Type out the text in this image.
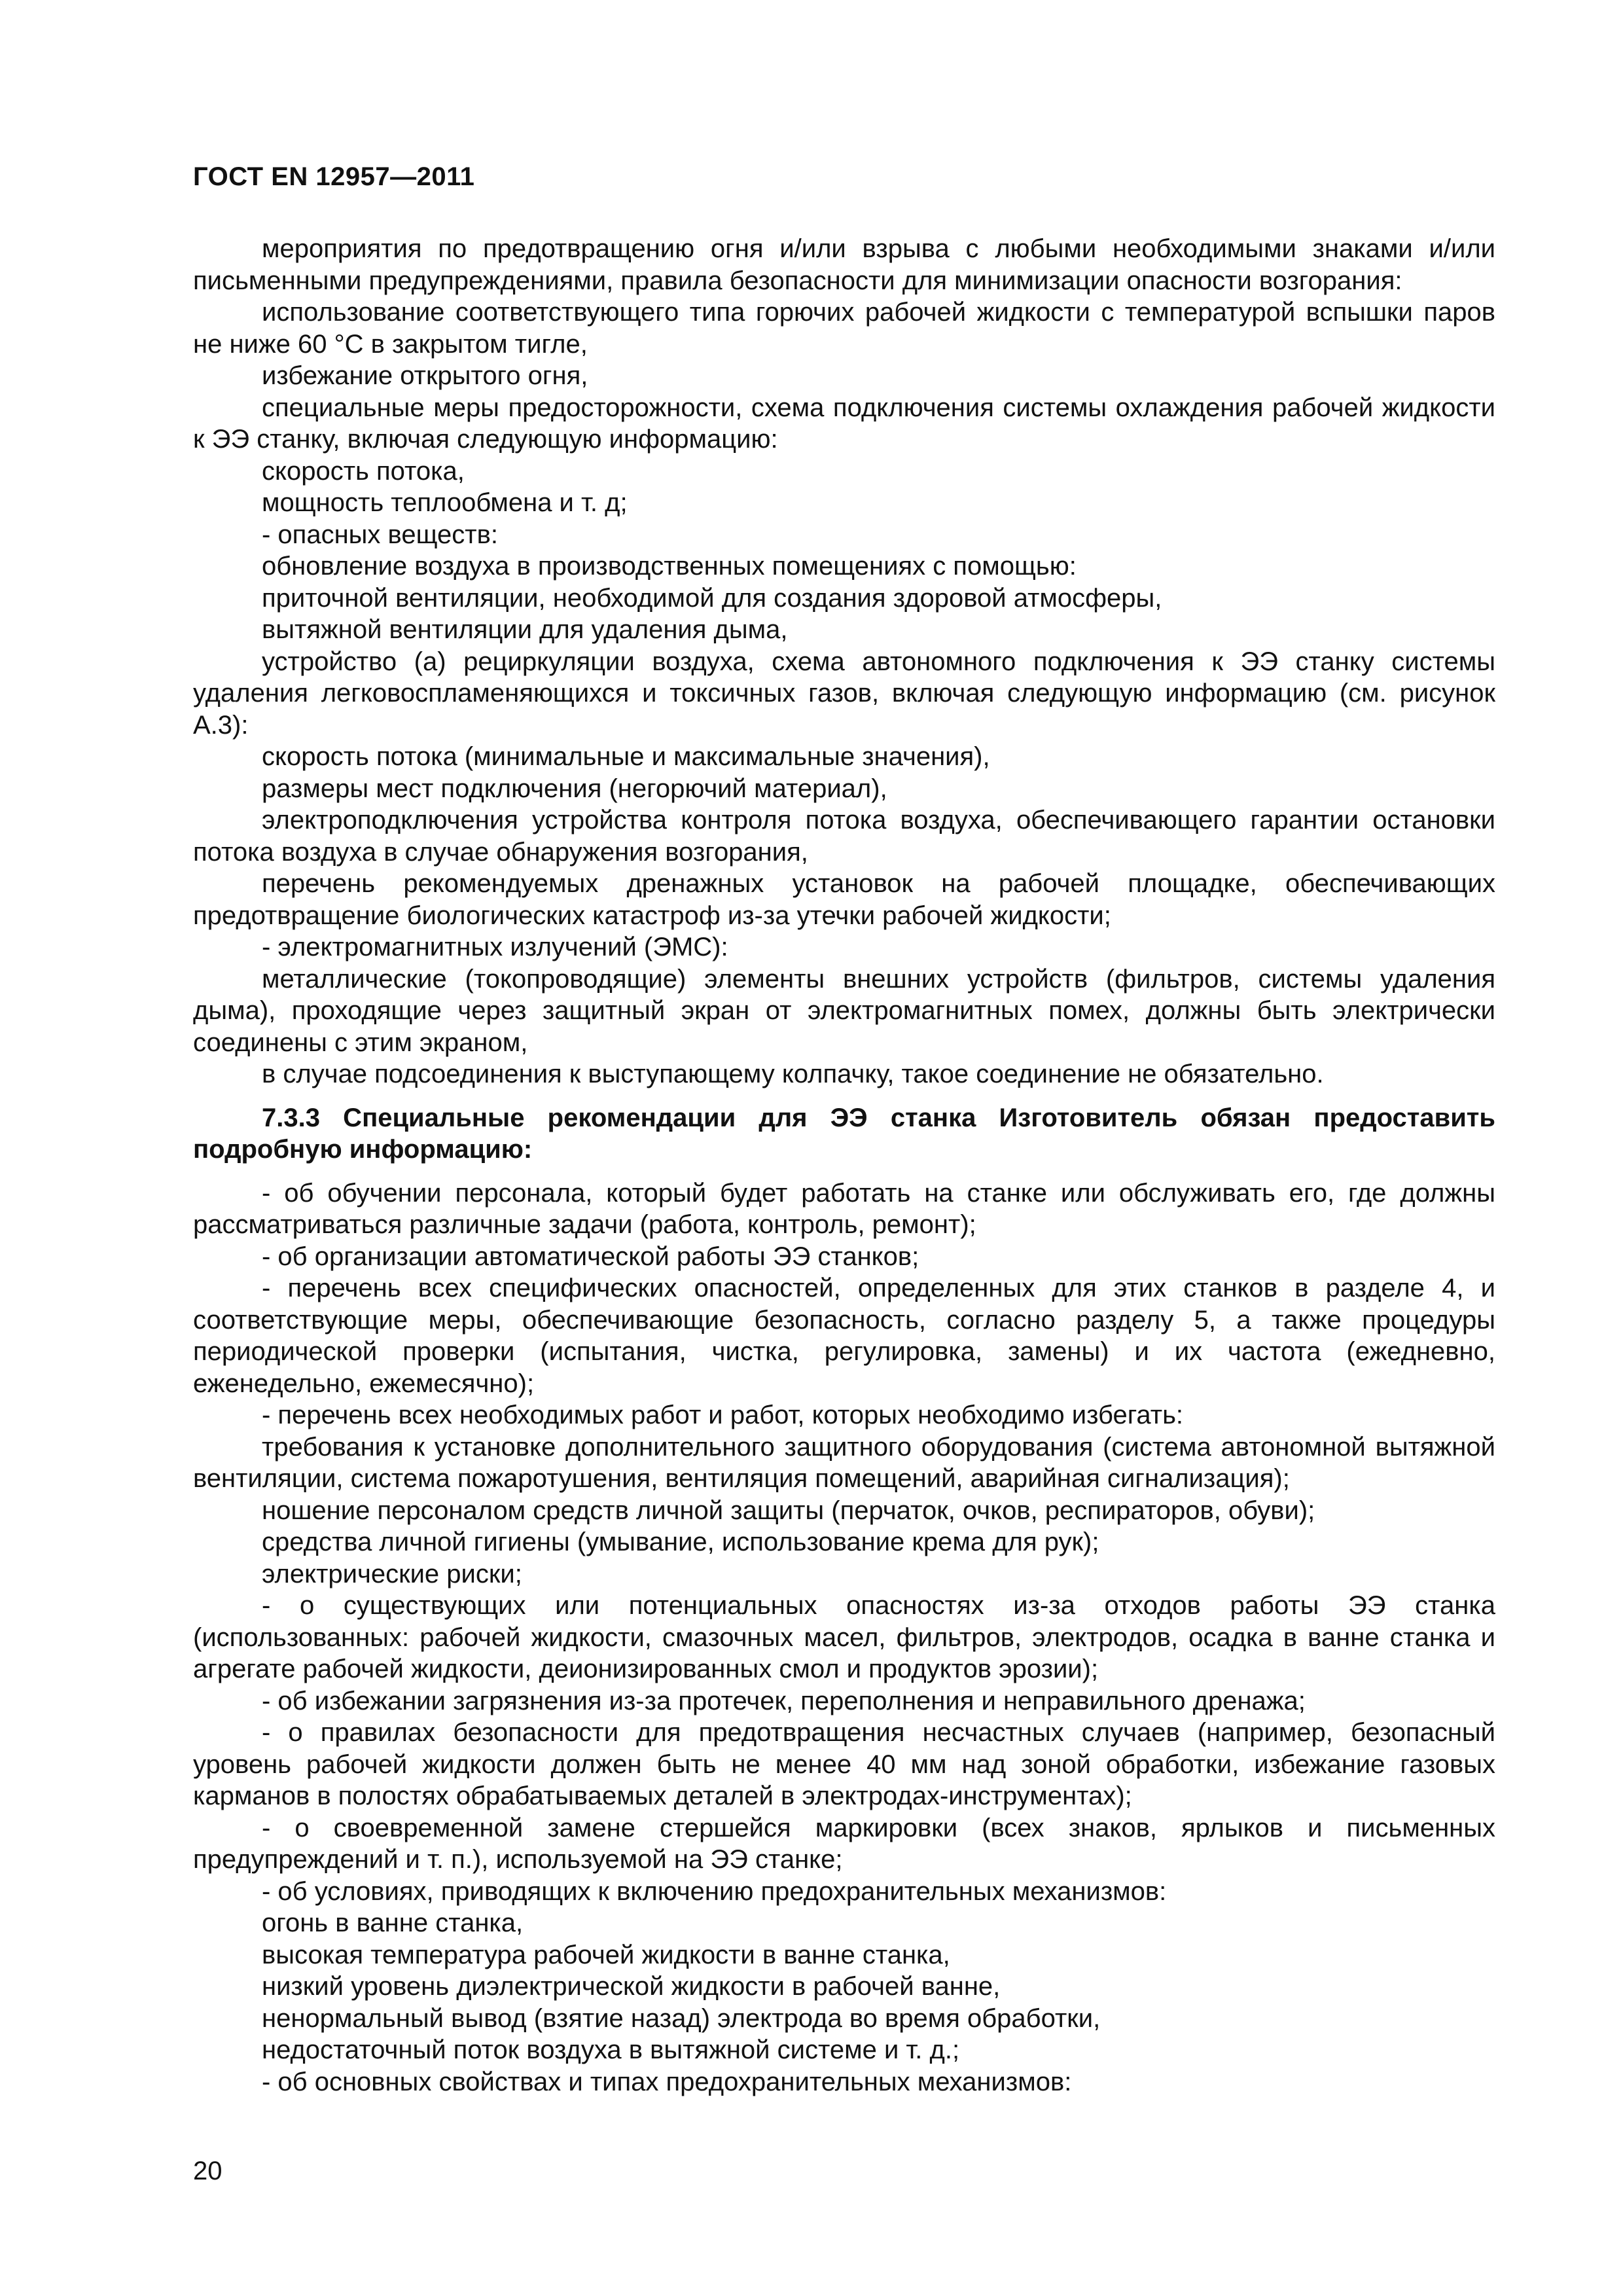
ГОСТ EN 12957—2011

мероприятия по предотвращению огня и/или взрыва с любыми необходимыми знаками и/или письменными предупреждениями, правила безопасности для минимизации опасности возгорания:

использование соответствующего типа горючих рабочей жидкости с температурой вспышки паров не ниже 60 °С в закрытом тигле,

избежание открытого огня,

специальные меры предосторожности, схема подключения системы охлаждения рабочей жидкости к ЭЭ станку, включая следующую информацию:

скорость потока,

мощность теплообмена и т. д;

- опасных веществ:

обновление воздуха в производственных помещениях с помощью:

приточной вентиляции, необходимой для создания здоровой атмосферы,

вытяжной вентиляции для удаления дыма,

устройство (а) рециркуляции воздуха, схема автономного подключения к ЭЭ станку системы удаления легковоспламеняющихся и токсичных газов, включая следующую информацию (см. рисунок А.3):

скорость потока (минимальные и максимальные значения),

размеры мест подключения (негорючий материал),

электроподключения устройства контроля потока воздуха, обеспечивающего гарантии остановки потока воздуха в случае обнаружения возгорания,

перечень рекомендуемых дренажных установок на рабочей площадке, обеспечивающих предотвращение биологических катастроф из-за утечки рабочей жидкости;

- электромагнитных излучений (ЭМС):

металлические (токопроводящие) элементы внешних устройств (фильтров, системы удаления дыма), проходящие через защитный экран от электромагнитных помех, должны быть электрически соединены с этим экраном,

в случае подсоединения к выступающему колпачку, такое соединение не обязательно.

7.3.3 Специальные рекомендации для ЭЭ станка Изготовитель обязан предоставить подробную информацию:

- об обучении персонала, который будет работать на станке или обслуживать его, где должны рассматриваться различные задачи (работа, контроль, ремонт);

- об организации автоматической работы ЭЭ станков;

- перечень всех специфических опасностей, определенных для этих станков в разделе 4, и соответствующие меры, обеспечивающие безопасность, согласно разделу 5, а также процедуры периодической проверки (испытания, чистка, регулировка, замены) и их частота (ежедневно, еженедельно, ежемесячно);

- перечень всех необходимых работ и работ, которых необходимо избегать:

требования к установке дополнительного защитного оборудования (система автономной вытяжной вентиляции, система пожаротушения, вентиляция помещений, аварийная сигнализация);

ношение персоналом средств личной защиты (перчаток, очков, респираторов, обуви);

средства личной гигиены (умывание, использование крема для рук);

электрические риски;

- о существующих или потенциальных опасностях из-за отходов работы ЭЭ станка (использованных: рабочей жидкости, смазочных масел, фильтров, электродов, осадка в ванне станка и агрегате рабочей жидкости, деионизированных смол и продуктов эрозии);

- об избежании загрязнения из-за протечек, переполнения и неправильного дренажа;

- о правилах безопасности для предотвращения несчастных случаев (например, безопасный уровень рабочей жидкости должен быть не менее 40 мм над зоной обработки, избежание газовых карманов в полостях обрабатываемых деталей в электродах-инструментах);

- о своевременной замене стершейся маркировки (всех знаков, ярлыков и письменных предупреждений и т. п.), используемой на ЭЭ станке;

- об условиях, приводящих к включению предохранительных механизмов:

огонь в ванне станка,

высокая температура рабочей жидкости в ванне станка,

низкий уровень диэлектрической жидкости в рабочей ванне,

ненормальный вывод (взятие назад) электрода во время обработки,

недостаточный поток воздуха в вытяжной системе и т. д.;

- об основных свойствах и типах предохранительных механизмов:

20
